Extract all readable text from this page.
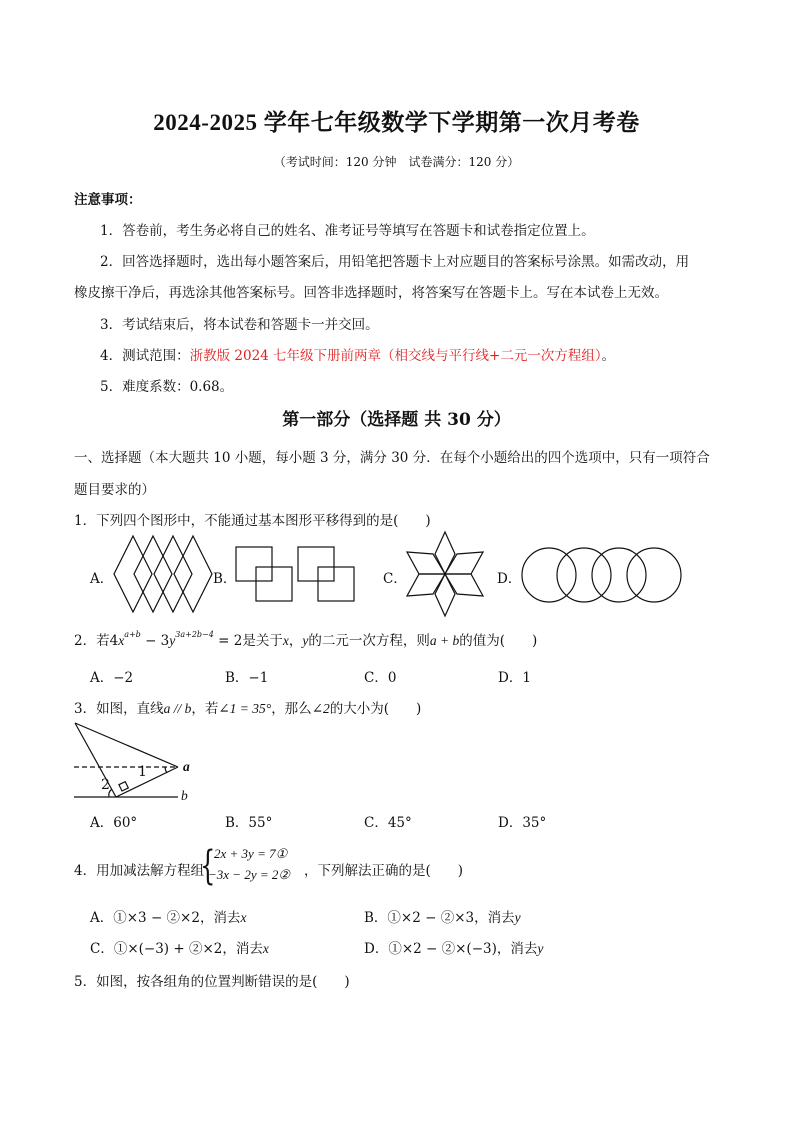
2024-2025 学年七年级数学下学期第一次月考卷
（考试时间：120 分钟　试卷满分：120 分）
注意事项：
1．答卷前，考生务必将自己的姓名、准考证号等填写在答题卡和试卷指定位置上。
2．回答选择题时，选出每小题答案后，用铅笔把答题卡上对应题目的答案标号涂黑。如需改动，用
橡皮擦干净后，再选涂其他答案标号。回答非选择题时，将答案写在答题卡上。写在本试卷上无效。
3．考试结束后，将本试卷和答题卡一并交回。
4．测试范围：浙教版 2024 七年级下册前两章（相交线与平行线+二元一次方程组）。
5．难度系数：0.68。
第一部分（选择题 共 30 分）
一、选择题（本大题共 10 小题，每小题 3 分，满分 30 分．在每个小题给出的四个选项中，只有一项符合
题目要求的）
1．下列四个图形中，不能通过基本图形平移得到的是(　　)
A．	B．	C．	D．
2．若$4x^{a+b} - 3y^{3a+2b-4} = 2$是关于x，y的二元一次方程，则a + b的值为(　　)
A．−2	B．−1	C．0	D．1
3．如图，直线a // b，若∠1 = 35°，那么∠2的大小为(　　)
a
b
1
2
A．60°	B．55°	C．45°	D．35°
4．用加减法解方程组
{
2x + 3y = 7①
−3x − 2y = 2② ，下列解法正确的是(　　)
A．①×3 − ②×2，消去x	B．①×2 − ②×3，消去y
C．①×(−3) + ②×2，消去x	D．①×2 − ②×(−3)，消去y
5．如图，按各组角的位置判断错误的是(　　)
